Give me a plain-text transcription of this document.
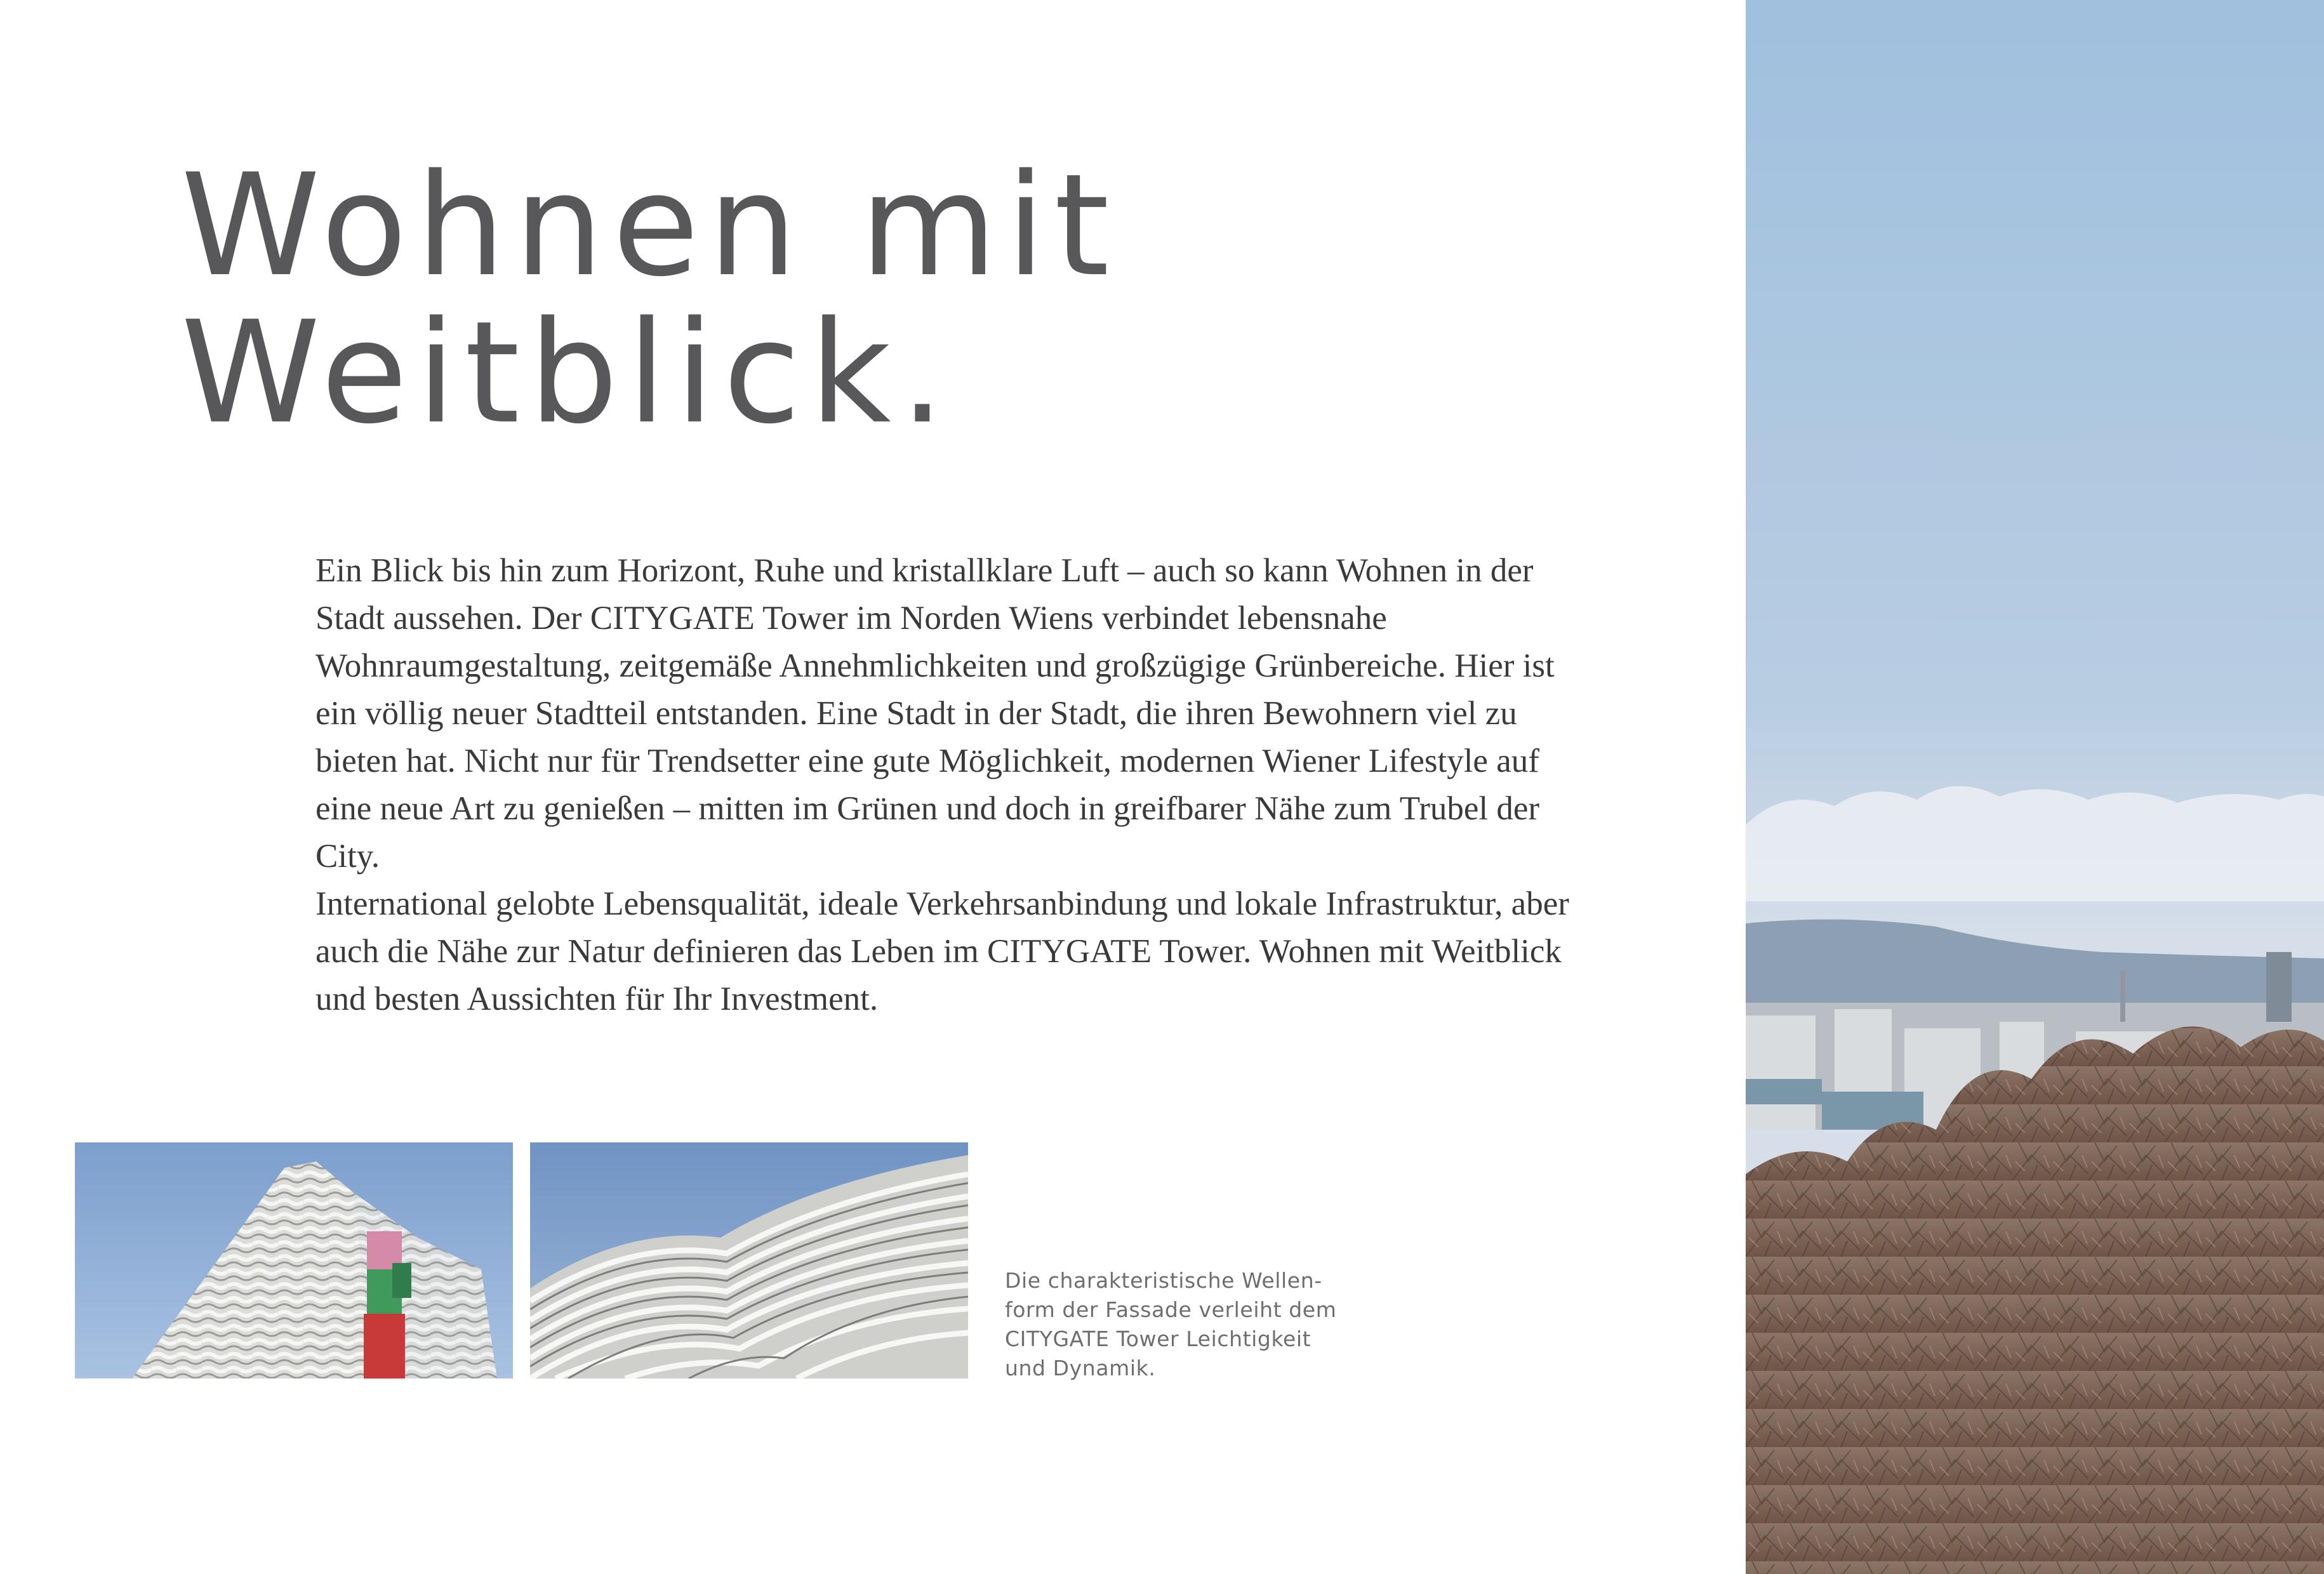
Wohnen mit
Weitblick.

Ein Blick bis hin zum Horizont, Ruhe und kristallklare Luft – auch so kann Wohnen in der Stadt aussehen. Der CITYGATE Tower im Norden Wiens verbindet lebensnahe Wohnraumgestaltung, zeitgemäße Annehmlichkeiten und großzügige Grünbereiche. Hier ist ein völlig neuer Stadtteil entstanden. Eine Stadt in der Stadt, die ihren Bewohnern viel zu bieten hat. Nicht nur für Trendsetter eine gute Möglichkeit, modernen Wiener Lifestyle auf eine neue Art zu genießen – mitten im Grünen und doch in greifbarer Nähe zum Trubel der City.

International gelobte Lebensqualität, ideale Verkehrsanbindung und lokale Infrastruktur, aber auch die Nähe zur Natur definieren das Leben im CITYGATE Tower. Wohnen mit Weitblick und besten Aussichten für Ihr Investment.

Die charakteristische Wellen-
form der Fassade verleiht dem
CITYGATE Tower Leichtigkeit
und Dynamik.
